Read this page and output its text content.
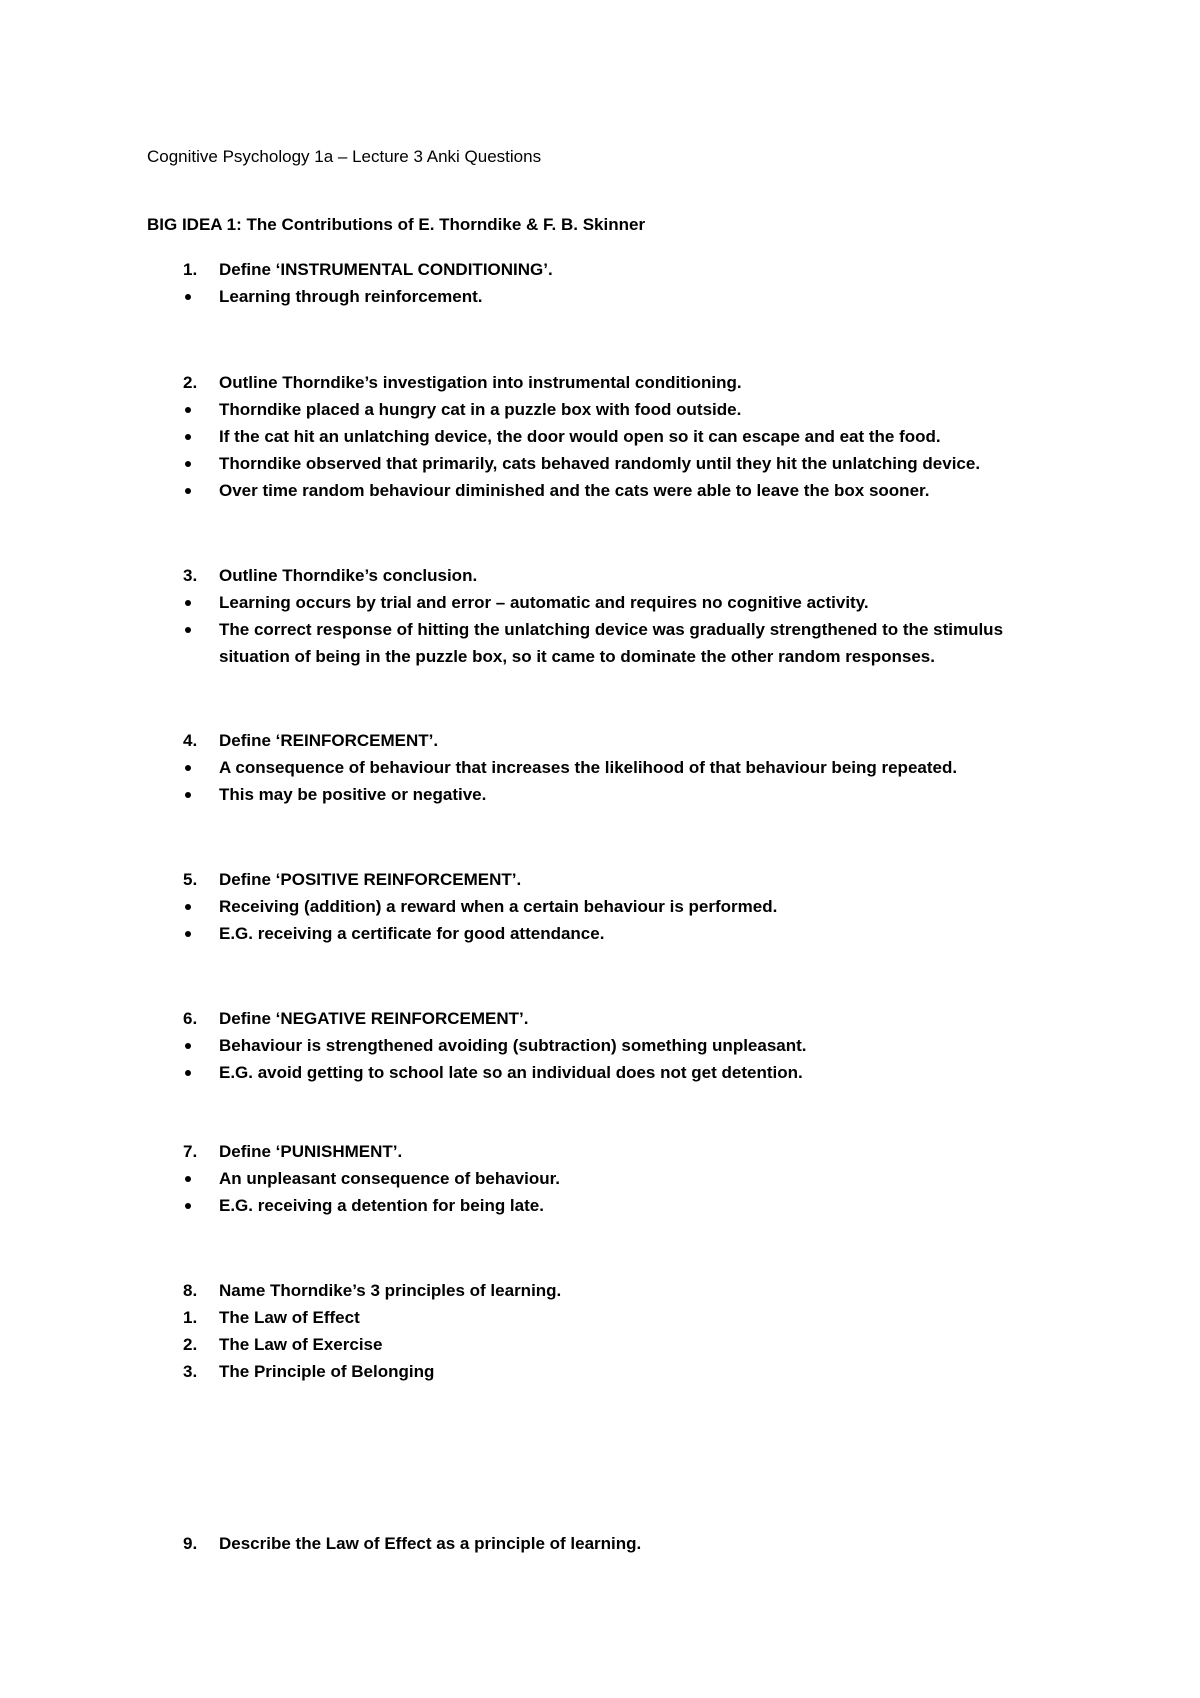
Cognitive Psychology 1a – Lecture 3 Anki Questions
BIG IDEA 1: The Contributions of E. Thorndike & F. B. Skinner
1. Define ‘INSTRUMENTAL CONDITIONING’.
Learning through reinforcement.
2. Outline Thorndike’s investigation into instrumental conditioning.
Thorndike placed a hungry cat in a puzzle box with food outside.
If the cat hit an unlatching device, the door would open so it can escape and eat the food.
Thorndike observed that primarily, cats behaved randomly until they hit the unlatching device.
Over time random behaviour diminished and the cats were able to leave the box sooner.
3. Outline Thorndike’s conclusion.
Learning occurs by trial and error – automatic and requires no cognitive activity.
The correct response of hitting the unlatching device was gradually strengthened to the stimulus
situation of being in the puzzle box, so it came to dominate the other random responses.
4. Define ‘REINFORCEMENT’.
A consequence of behaviour that increases the likelihood of that behaviour being repeated.
This may be positive or negative.
5. Define ‘POSITIVE REINFORCEMENT’.
Receiving (addition) a reward when a certain behaviour is performed.
E.G. receiving a certificate for good attendance.
6. Define ‘NEGATIVE REINFORCEMENT’.
Behaviour is strengthened avoiding (subtraction) something unpleasant.
E.G. avoid getting to school late so an individual does not get detention.
7. Define ‘PUNISHMENT’.
An unpleasant consequence of behaviour.
E.G. receiving a detention for being late.
8. Name Thorndike’s 3 principles of learning.
1. The Law of Effect
2. The Law of Exercise
3. The Principle of Belonging
9. Describe the Law of Effect as a principle of learning.
